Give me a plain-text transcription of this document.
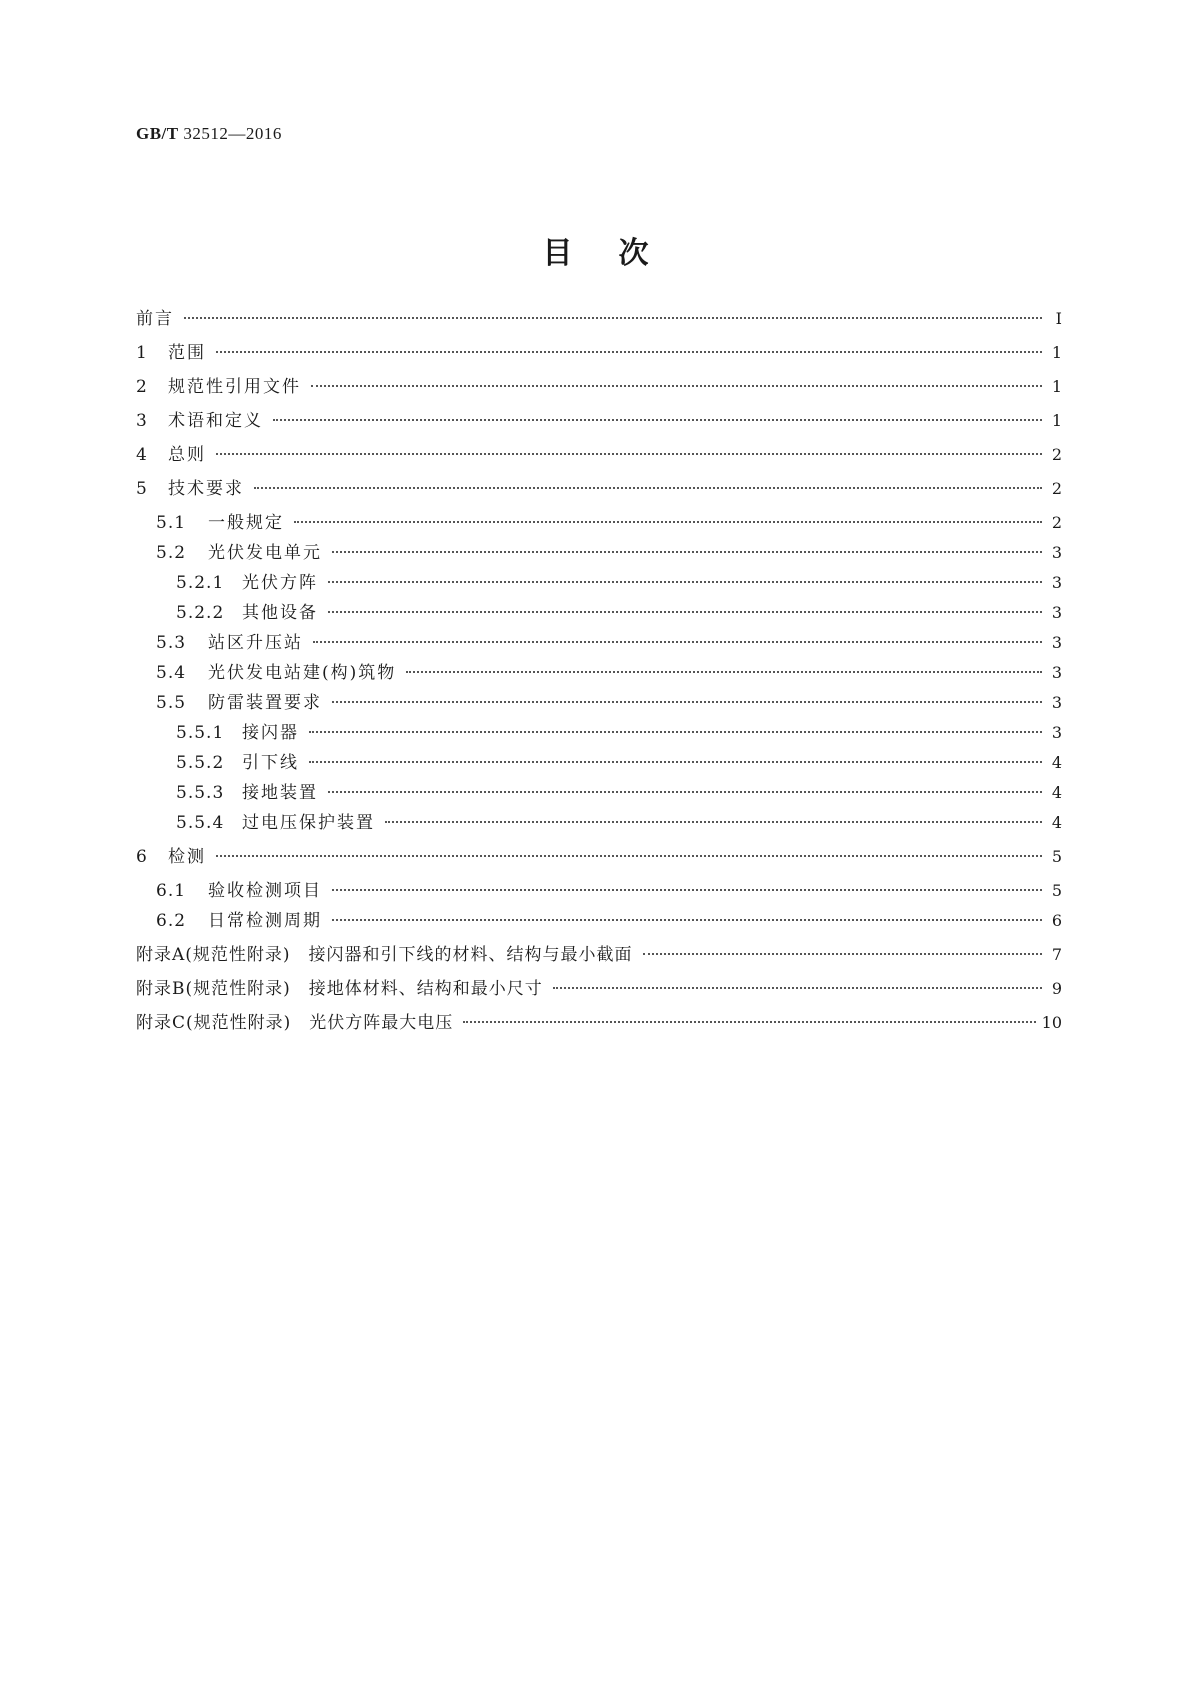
GB/T 32512—2016
目次
前言	Ⅰ
1	范围	1
2	规范性引用文件	1
3	术语和定义	1
4	总则	2
5	技术要求	2
5.1	一般规定	2
5.2	光伏发电单元	3
5.2.1	光伏方阵	3
5.2.2	其他设备	3
5.3	站区升压站	3
5.4	光伏发电站建(构)筑物	3
5.5	防雷装置要求	3
5.5.1	接闪器	3
5.5.2	引下线	4
5.5.3	接地装置	4
5.5.4	过电压保护装置	4
6	检测	5
6.1	验收检测项目	5
6.2	日常检测周期	6
附录A(规范性附录)　接闪器和引下线的材料、结构与最小截面	7
附录B(规范性附录)　接地体材料、结构和最小尺寸	9
附录C(规范性附录)　光伏方阵最大电压	10
